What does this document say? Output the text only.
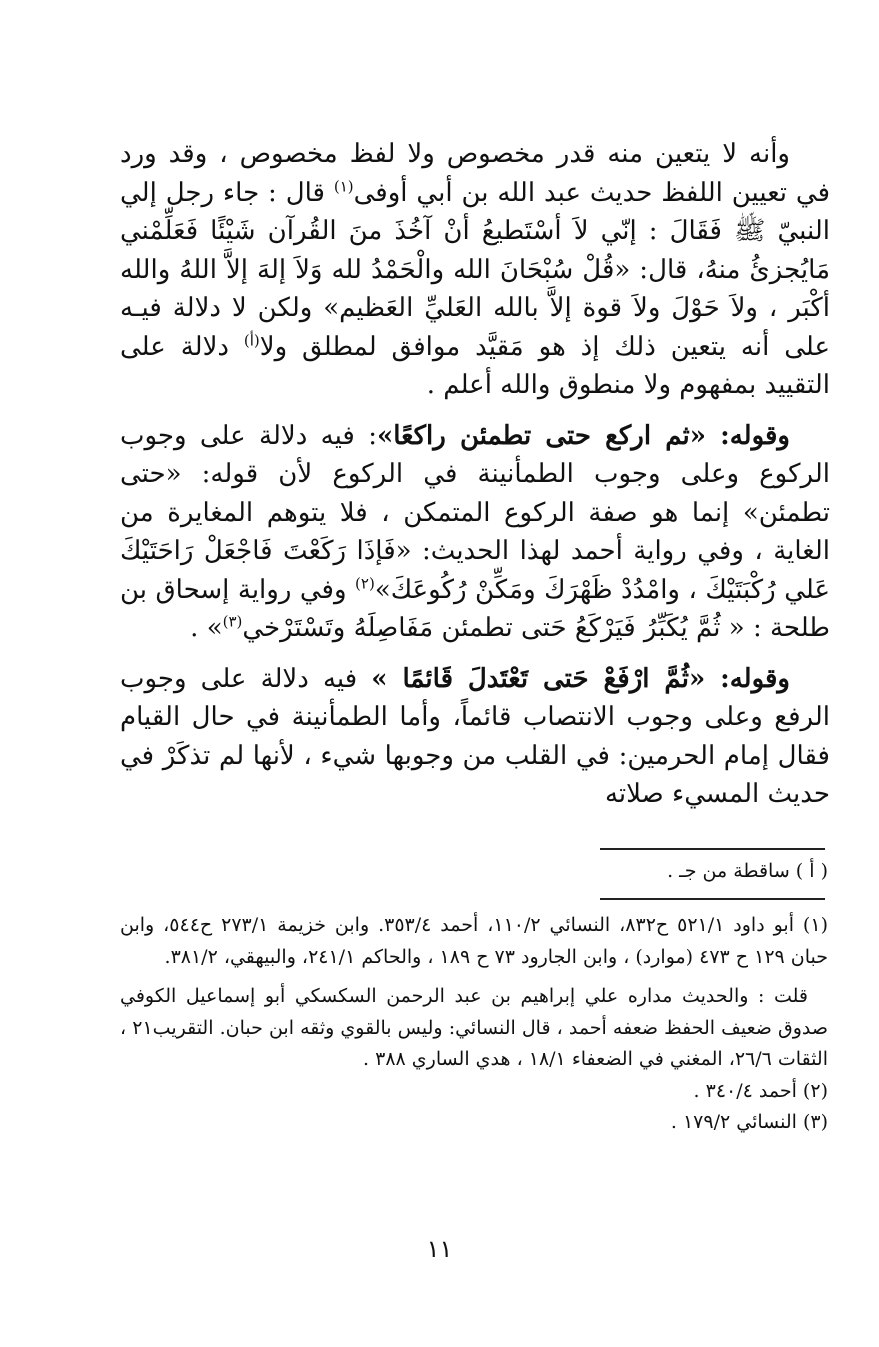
وأنه لا يتعين منه قدر مخصوص ولا لفظ مخصوص ، وقد ورد في تعيين اللفظ حديث عبد الله بن أبي أوفى$^{(١)}$ قال : جاء رجل إلي النبيّ ﷺ فَقَالَ : إنّي لاَ أسْتَطيعُ أنْ آخُذَ منَ القُرآن شَيْئًا فَعَلِّمْني مَايُجزئُ منهُ، قال: «قُلْ سُبْحَانَ الله والْحَمْدُ لله وَلاَ إلهَ إلاَّ اللهُ والله أكْبَر ، ولاَ حَوْلَ ولاَ قوة إلاَّ بالله العَليِّ العَظيم» ولكن لا دلالة فيـه على أنه يتعين ذلك إذ هو مَقيَّد موافق لمطلق ولا$^{(أ)}$ دلالة على التقييد بمفهوم ولا منطوق والله أعلم .

وقوله: «ثم اركع حتى تطمئن راكعًا»: فيه دلالة على وجوب الركوع وعلى وجوب الطمأنينة في الركوع لأن قوله: «حتى تطمئن» إنما هو صفة الركوع المتمكن ، فلا يتوهم المغايرة من الغاية ، وفي رواية أحمد لهذا الحديث: «فَإذَا رَكَعْتَ فَاجْعَلْ رَاحَتَيْكَ عَلي رُكْبَتَيْكَ ، وامْدُدْ ظَهْرَكَ ومَكِّنْ رُكُوعَكَ»$^{(٢)}$ وفي رواية إسحاق بن طلحة : « ثُمَّ يُكَبِّرُ فَيَرْكَعُ حَتى تطمئن مَفَاصِلَهُ وتَسْتَرْخي$^{(٣)}$» .

وقوله: «ثُمَّ ارْفَعْ حَتى تَعْتَدلَ قَائمًا » فيه دلالة على وجوب الرفع وعلى وجوب الانتصاب قائماً، وأما الطمأنينة في حال القيام فقال إمام الحرمين: في القلب من وجوبها شيء ، لأنها لم تذكَرْ في حديث المسيء صلاته

( أ ) ساقطة من جـ .

(١) أبو داود ٥٢١/١ ح٨٣٢، النسائي ١١٠/٢، أحمد ٣٥٣/٤. وابن خزيمة ٢٧٣/١ ح٥٤٤، وابن حبان ١٢٩ ح ٤٧٣ (موارد) ، وابن الجارود ٧٣ ح ١٨٩ ، والحاكم ٢٤١/١، والبيهقي، ٣٨١/٢.

قلت : والحديث مداره علي إبراهيم بن عبد الرحمن السكسكي أبو إسماعيل الكوفي صدوق ضعيف الحفظ ضعفه أحمد ، قال النسائي: وليس بالقوي وثقه ابن حبان. التقريب٢١ ، الثقات ٢٦/٦، المغني في الضعفاء ١٨/١ ، هدي الساري ٣٨٨ .

(٢) أحمد ٣٤٠/٤ .

(٣) النسائي ١٧٩/٢ .

١١
